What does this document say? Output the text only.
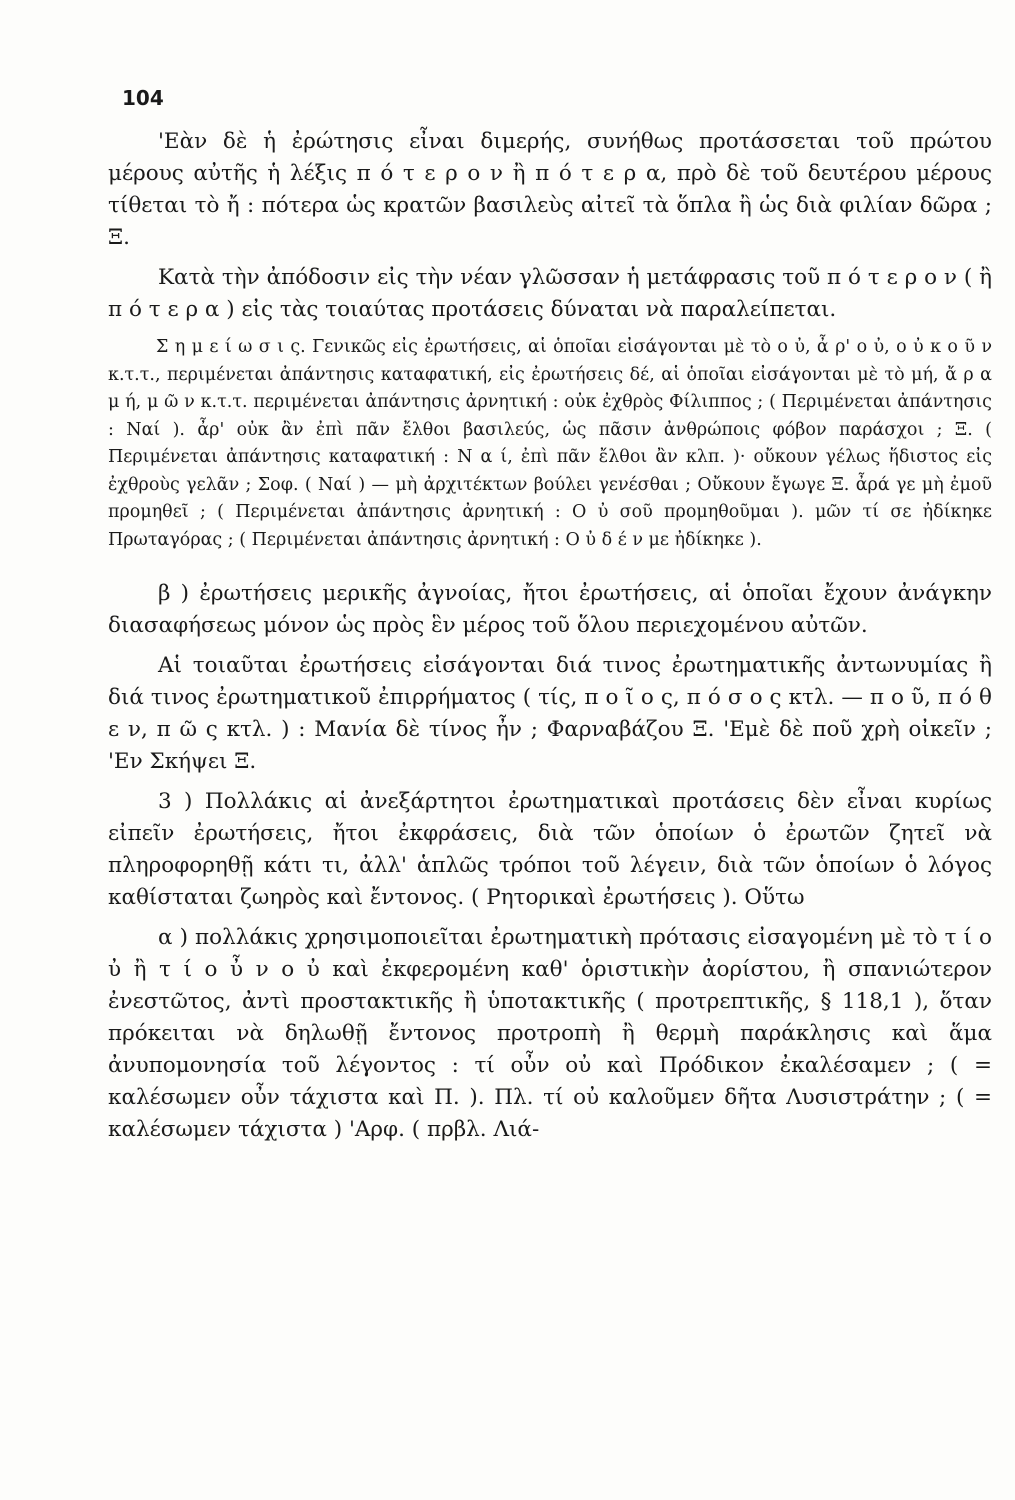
104

'Εὰν δὲ ἡ ἐρώτησις εἶναι διμερής, συνήθως προτάσσεται τοῦ πρώτου μέρους αὐτῆς ἡ λέξις π ό τ ε ρ ο ν ἢ π ό τ ε ρ α, πρὸ δὲ τοῦ δευτέρου μέρους τίθεται τὸ ἤ : πότερα ὡς κρατῶν βασιλεὺς αἰτεῖ τὰ ὅπλα ἢ ὡς διὰ φιλίαν δῶρα ; Ξ.

Κατὰ τὴν ἀπόδοσιν εἰς τὴν νέαν γλῶσσαν ἡ μετάφρασις τοῦ π ό τ ε ρ ο ν ( ἢ π ό τ ε ρ α ) εἰς τὰς τοιαύτας προτάσεις δύναται νὰ παραλείπεται.

Σ η μ ε ί ω σ ι ς. Γενικῶς εἰς ἐρωτήσεις, αἱ ὁποῖαι εἰσάγονται μὲ τὸ ο ὐ, ἆ ρ' ο ὐ, ο ὐ κ ο ῦ ν κ.τ.τ., περιμένεται ἀπάντησις καταφατική, εἰς ἐρωτήσεις δέ, αἱ ὁποῖαι εἰσάγονται μὲ τὸ μή, ἄ ρ α μ ή, μ ῶ ν κ.τ.τ. περιμένεται ἀπάντησις ἀρνητική : οὐκ ἐχθρὸς Φίλιππος ; ( Περιμένεται ἀπάντησις : Ναί ). ἆρ' οὐκ ἂν ἐπὶ πᾶν ἔλθοι βασιλεύς, ὡς πᾶσιν ἀνθρώποις φόβον παράσχοι ; Ξ. ( Περιμένεται ἀπάντησις καταφατική : Ν α ί, ἐπὶ πᾶν ἔλθοι ἂν κλπ. )· οὔκουν γέλως ἥδιστος εἰς ἐχθροὺς γελᾶν ; Σοφ. ( Ναί ) — μὴ ἀρχιτέκτων βούλει γενέσθαι ; Οὔκουν ἔγωγε Ξ. ἆρά γε μὴ ἐμοῦ προμηθεῖ ; ( Περιμένεται ἀπάντησις ἀρνητική : Ο ὐ σοῦ προμηθοῦμαι ). μῶν τί σε ἠδίκηκε Πρωταγόρας ; ( Περιμένεται ἀπάντησις ἀρνητική : Ο ὐ δ έ ν με ἠδίκηκε ).

β ) ἐρωτήσεις μερικῆς ἀγνοίας, ἤτοι ἐρωτήσεις, αἱ ὁποῖαι ἔχουν ἀνάγκην διασαφήσεως μόνον ὡς πρὸς ἓν μέρος τοῦ ὅλου περιεχομένου αὐτῶν.

Αἱ τοιαῦται ἐρωτήσεις εἰσάγονται διά τινος ἐρωτηματικῆς ἀντωνυμίας ἢ διά τινος ἐρωτηματικοῦ ἐπιρρήματος ( τίς, π ο ῖ ο ς, π ό σ ο ς κτλ. — π ο ῦ, π ό θ ε ν, π ῶ ς κτλ. ) : Μανία δὲ τίνος ἦν ; Φαρναβάζου Ξ. 'Εμὲ δὲ ποῦ χρὴ οἰκεῖν ; 'Εν Σκήψει Ξ.

3 ) Πολλάκις αἱ ἀνεξάρτητοι ἐρωτηματικαὶ προτάσεις δὲν εἶναι κυρίως εἰπεῖν ἐρωτήσεις, ἤτοι ἐκφράσεις, διὰ τῶν ὁποίων ὁ ἐρωτῶν ζητεῖ νὰ πληροφορηθῇ κάτι τι, ἀλλ' ἁπλῶς τρόποι τοῦ λέγειν, διὰ τῶν ὁποίων ὁ λόγος καθίσταται ζωηρὸς καὶ ἔντονος. ( Ρητορικαὶ ἐρωτήσεις ). Οὕτω

α ) πολλάκις χρησιμοποιεῖται ἐρωτηματικὴ πρότασις εἰσαγομένη μὲ τὸ τ ί ο ὐ ἢ τ ί ο ὖ ν ο ὐ καὶ ἐκφερομένη καθ' ὁριστικὴν ἀορίστου, ἢ σπανιώτερον ἐνεστῶτος, ἀντὶ προστακτικῆς ἢ ὑποτακτικῆς ( προτρεπτικῆς, § 118,1 ), ὅταν πρόκειται νὰ δηλωθῇ ἔντονος προτροπὴ ἢ θερμὴ παράκλησις καὶ ἅμα ἀνυπομονησία τοῦ λέγοντος : τί οὖν οὐ καὶ Πρόδικον ἐκαλέσαμεν ; ( = καλέσωμεν οὖν τάχιστα καὶ Π. ). Πλ. τί οὐ καλοῦμεν δῆτα Λυσιστράτην ; ( = καλέσωμεν τάχιστα ) 'Αρφ. ( πρβλ. Λιά-
